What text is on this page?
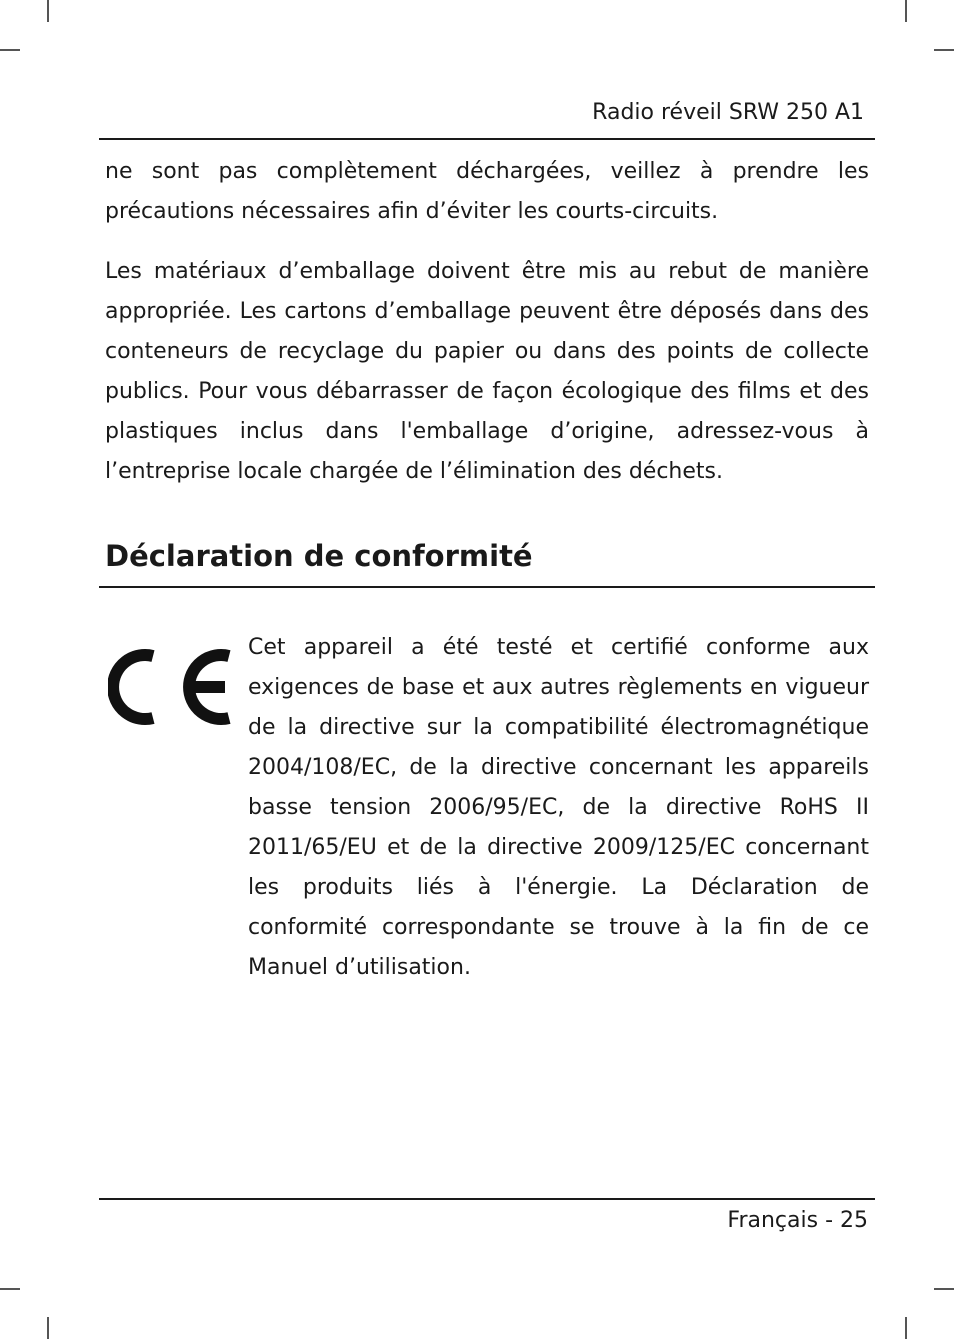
Radio réveil SRW 250 A1

ne sont pas complètement déchargées, veillez à prendre les précautions nécessaires afin d’éviter les courts-circuits.

Les matériaux d’emballage doivent être mis au rebut de manière appropriée. Les cartons d’emballage peuvent être déposés dans des conteneurs de recyclage du papier ou dans des points de collecte publics. Pour vous débarrasser de façon écologique des films et des plastiques inclus dans l'emballage d’origine, adressez-vous à l’entreprise locale chargée de l’élimination des déchets.

Déclaration de conformité

Cet appareil a été testé et certifié conforme aux exigences de base et aux autres règlements en vigueur de la directive sur la compatibilité électromagnétique 2004/108/EC, de la directive concernant les appareils basse tension 2006/95/EC, de la directive RoHS II 2011/65/EU et de la directive 2009/125/EC concernant les produits liés à l'énergie. La Déclaration de conformité correspondante se trouve à la fin de ce Manuel d’utilisation.

Français - 25
